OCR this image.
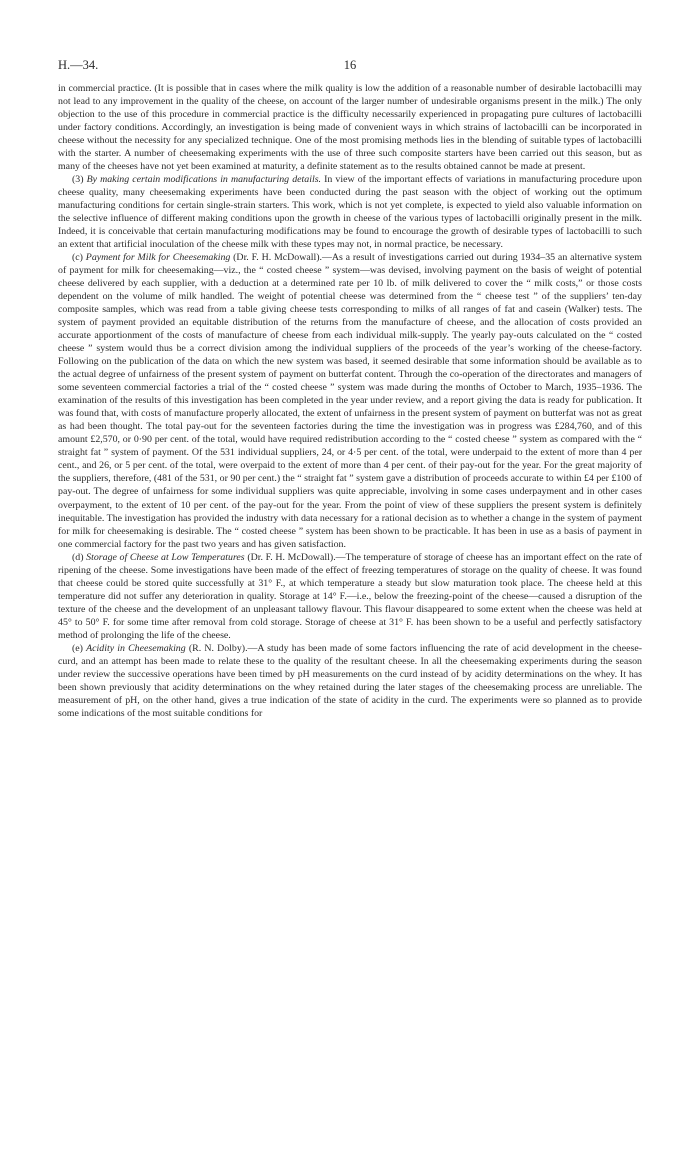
H.—34.	16

in commercial practice. (It is possible that in cases where the milk quality is low the addition of a reasonable number of desirable lactobacilli may not lead to any improvement in the quality of the cheese, on account of the larger number of undesirable organisms present in the milk.) The only objection to the use of this procedure in commercial practice is the difficulty necessarily experienced in propagating pure cultures of lactobacilli under factory conditions. Accordingly, an investigation is being made of convenient ways in which strains of lactobacilli can be incorporated in cheese without the necessity for any specialized technique. One of the most promising methods lies in the blending of suitable types of lactobacilli with the starter. A number of cheesemaking experiments with the use of three such composite starters have been carried out this season, but as many of the cheeses have not yet been examined at maturity, a definite statement as to the results obtained cannot be made at present.

(3) By making certain modifications in manufacturing details. In view of the important effects of variations in manufacturing procedure upon cheese quality, many cheesemaking experiments have been conducted during the past season with the object of working out the optimum manufacturing conditions for certain single-strain starters. This work, which is not yet complete, is expected to yield also valuable information on the selective influence of different making conditions upon the growth in cheese of the various types of lactobacilli originally present in the milk. Indeed, it is conceivable that certain manufacturing modifications may be found to encourage the growth of desirable types of lactobacilli to such an extent that artificial inoculation of the cheese milk with these types may not, in normal practice, be necessary.

(c) Payment for Milk for Cheesemaking (Dr. F. H. McDowall).—As a result of investigations carried out during 1934–35 an alternative system of payment for milk for cheesemaking—viz., the “ costed cheese ” system—was devised, involving payment on the basis of weight of potential cheese delivered by each supplier, with a deduction at a determined rate per 10 lb. of milk delivered to cover the “ milk costs,” or those costs dependent on the volume of milk handled. The weight of potential cheese was determined from the “ cheese test ” of the suppliers’ ten-day composite samples, which was read from a table giving cheese tests corresponding to milks of all ranges of fat and casein (Walker) tests. The system of payment provided an equitable distribution of the returns from the manufacture of cheese, and the allocation of costs provided an accurate apportionment of the costs of manufacture of cheese from each individual milk-supply. The yearly pay-outs calculated on the “ costed cheese ” system would thus be a correct division among the individual suppliers of the proceeds of the year’s working of the cheese-factory. Following on the publication of the data on which the new system was based, it seemed desirable that some information should be available as to the actual degree of unfairness of the present system of payment on butterfat content. Through the co-operation of the directorates and managers of some seventeen commercial factories a trial of the “ costed cheese ” system was made during the months of October to March, 1935–1936. The examination of the results of this investigation has been completed in the year under review, and a report giving the data is ready for publication. It was found that, with costs of manufacture properly allocated, the extent of unfairness in the present system of payment on butterfat was not as great as had been thought. The total pay-out for the seventeen factories during the time the investigation was in progress was £284,760, and of this amount £2,570, or 0·90 per cent. of the total, would have required redistribution according to the “ costed cheese ” system as compared with the “ straight fat ” system of payment. Of the 531 individual suppliers, 24, or 4·5 per cent. of the total, were underpaid to the extent of more than 4 per cent., and 26, or 5 per cent. of the total, were overpaid to the extent of more than 4 per cent. of their pay-out for the year. For the great majority of the suppliers, therefore, (481 of the 531, or 90 per cent.) the “ straight fat ” system gave a distribution of proceeds accurate to within £4 per £100 of pay-out. The degree of unfairness for some individual suppliers was quite appreciable, involving in some cases underpayment and in other cases overpayment, to the extent of 10 per cent. of the pay-out for the year. From the point of view of these suppliers the present system is definitely inequitable. The investigation has provided the industry with data necessary for a rational decision as to whether a change in the system of payment for milk for cheesemaking is desirable. The “ costed cheese ” system has been shown to be practicable. It has been in use as a basis of payment in one commercial factory for the past two years and has given satisfaction.

(d) Storage of Cheese at Low Temperatures (Dr. F. H. McDowall).—The temperature of storage of cheese has an important effect on the rate of ripening of the cheese. Some investigations have been made of the effect of freezing temperatures of storage on the quality of cheese. It was found that cheese could be stored quite successfully at 31° F., at which temperature a steady but slow maturation took place. The cheese held at this temperature did not suffer any deterioration in quality. Storage at 14° F.—i.e., below the freezing-point of the cheese—caused a disruption of the texture of the cheese and the development of an unpleasant tallowy flavour. This flavour disappeared to some extent when the cheese was held at 45° to 50° F. for some time after removal from cold storage. Storage of cheese at 31° F. has been shown to be a useful and perfectly satisfactory method of prolonging the life of the cheese.

(e) Acidity in Cheesemaking (R. N. Dolby).—A study has been made of some factors influencing the rate of acid development in the cheese-curd, and an attempt has been made to relate these to the quality of the resultant cheese. In all the cheesemaking experiments during the season under review the successive operations have been timed by pH measurements on the curd instead of by acidity determinations on the whey. It has been shown previously that acidity determinations on the whey retained during the later stages of the cheesemaking process are unreliable. The measurement of pH, on the other hand, gives a true indication of the state of acidity in the curd. The experiments were so planned as to provide some indications of the most suitable conditions for
